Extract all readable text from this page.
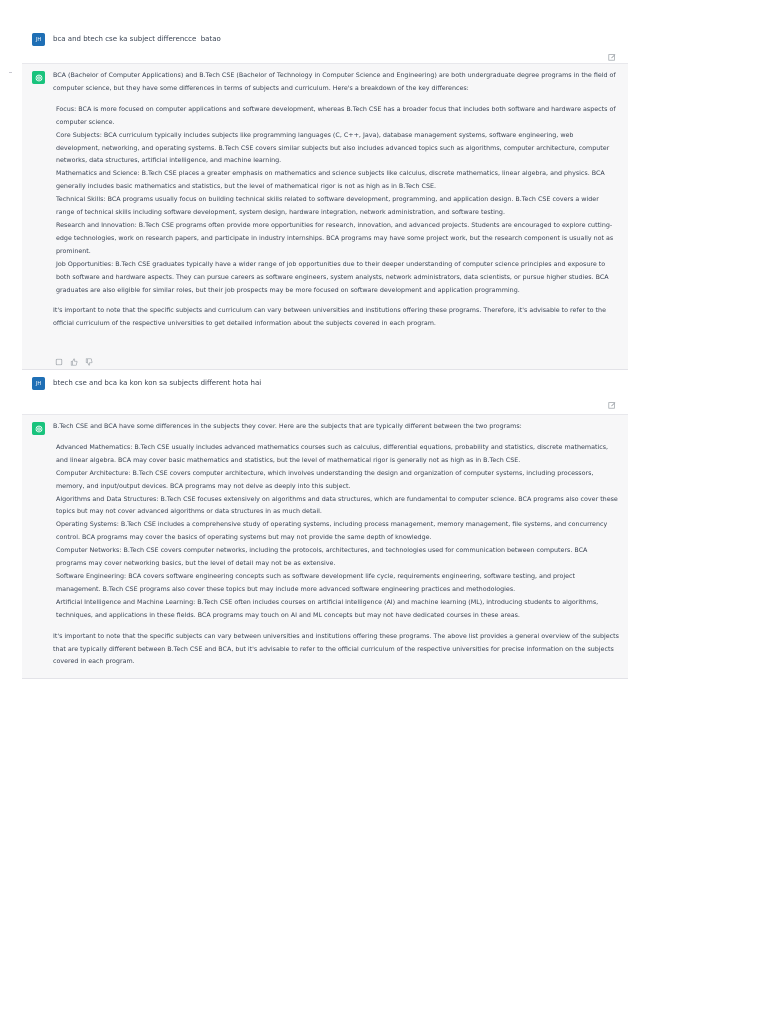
JH bca and btech cse ka subject differencce  batao

BCA (Bachelor of Computer Applications) and B.Tech CSE (Bachelor of Technology in Computer Science and Engineering) are both undergraduate degree programs in the field of computer science, but they have some differences in terms of subjects and curriculum. Here's a breakdown of the key differences:

Focus: BCA is more focused on computer applications and software development, whereas B.Tech CSE has a broader focus that includes both software and hardware aspects of computer science.
Core Subjects: BCA curriculum typically includes subjects like programming languages (C, C++, Java), database management systems, software engineering, web development, networking, and operating systems. B.Tech CSE covers similar subjects but also includes advanced topics such as algorithms, computer architecture, computer networks, data structures, artificial intelligence, and machine learning.
Mathematics and Science: B.Tech CSE places a greater emphasis on mathematics and science subjects like calculus, discrete mathematics, linear algebra, and physics. BCA generally includes basic mathematics and statistics, but the level of mathematical rigor is not as high as in B.Tech CSE.
Technical Skills: BCA programs usually focus on building technical skills related to software development, programming, and application design. B.Tech CSE covers a wider range of technical skills including software development, system design, hardware integration, network administration, and software testing.
Research and Innovation: B.Tech CSE programs often provide more opportunities for research, innovation, and advanced projects. Students are encouraged to explore cutting-edge technologies, work on research papers, and participate in industry internships. BCA programs may have some project work, but the research component is usually not as prominent.
Job Opportunities: B.Tech CSE graduates typically have a wider range of job opportunities due to their deeper understanding of computer science principles and exposure to both software and hardware aspects. They can pursue careers as software engineers, system analysts, network administrators, data scientists, or pursue higher studies. BCA graduates are also eligible for similar roles, but their job prospects may be more focused on software development and application programming.

It's important to note that the specific subjects and curriculum can vary between universities and institutions offering these programs. Therefore, it's advisable to refer to the official curriculum of the respective universities to get detailed information about the subjects covered in each program.

JH btech cse and bca ka kon kon sa subjects different hota hai

B.Tech CSE and BCA have some differences in the subjects they cover. Here are the subjects that are typically different between the two programs:

Advanced Mathematics: B.Tech CSE usually includes advanced mathematics courses such as calculus, differential equations, probability and statistics, discrete mathematics, and linear algebra. BCA may cover basic mathematics and statistics, but the level of mathematical rigor is generally not as high as in B.Tech CSE.
Computer Architecture: B.Tech CSE covers computer architecture, which involves understanding the design and organization of computer systems, including processors, memory, and input/output devices. BCA programs may not delve as deeply into this subject.
Algorithms and Data Structures: B.Tech CSE focuses extensively on algorithms and data structures, which are fundamental to computer science. BCA programs also cover these topics but may not cover advanced algorithms or data structures in as much detail.
Operating Systems: B.Tech CSE includes a comprehensive study of operating systems, including process management, memory management, file systems, and concurrency control. BCA programs may cover the basics of operating systems but may not provide the same depth of knowledge.
Computer Networks: B.Tech CSE covers computer networks, including the protocols, architectures, and technologies used for communication between computers. BCA programs may cover networking basics, but the level of detail may not be as extensive.
Software Engineering: BCA covers software engineering concepts such as software development life cycle, requirements engineering, software testing, and project management. B.Tech CSE programs also cover these topics but may include more advanced software engineering practices and methodologies.
Artificial Intelligence and Machine Learning: B.Tech CSE often includes courses on artificial intelligence (AI) and machine learning (ML), introducing students to algorithms, techniques, and applications in these fields. BCA programs may touch on AI and ML concepts but may not have dedicated courses in these areas.

It's important to note that the specific subjects can vary between universities and institutions offering these programs. The above list provides a general overview of the subjects that are typically different between B.Tech CSE and BCA, but it's advisable to refer to the official curriculum of the respective universities for precise information on the subjects covered in each program.
